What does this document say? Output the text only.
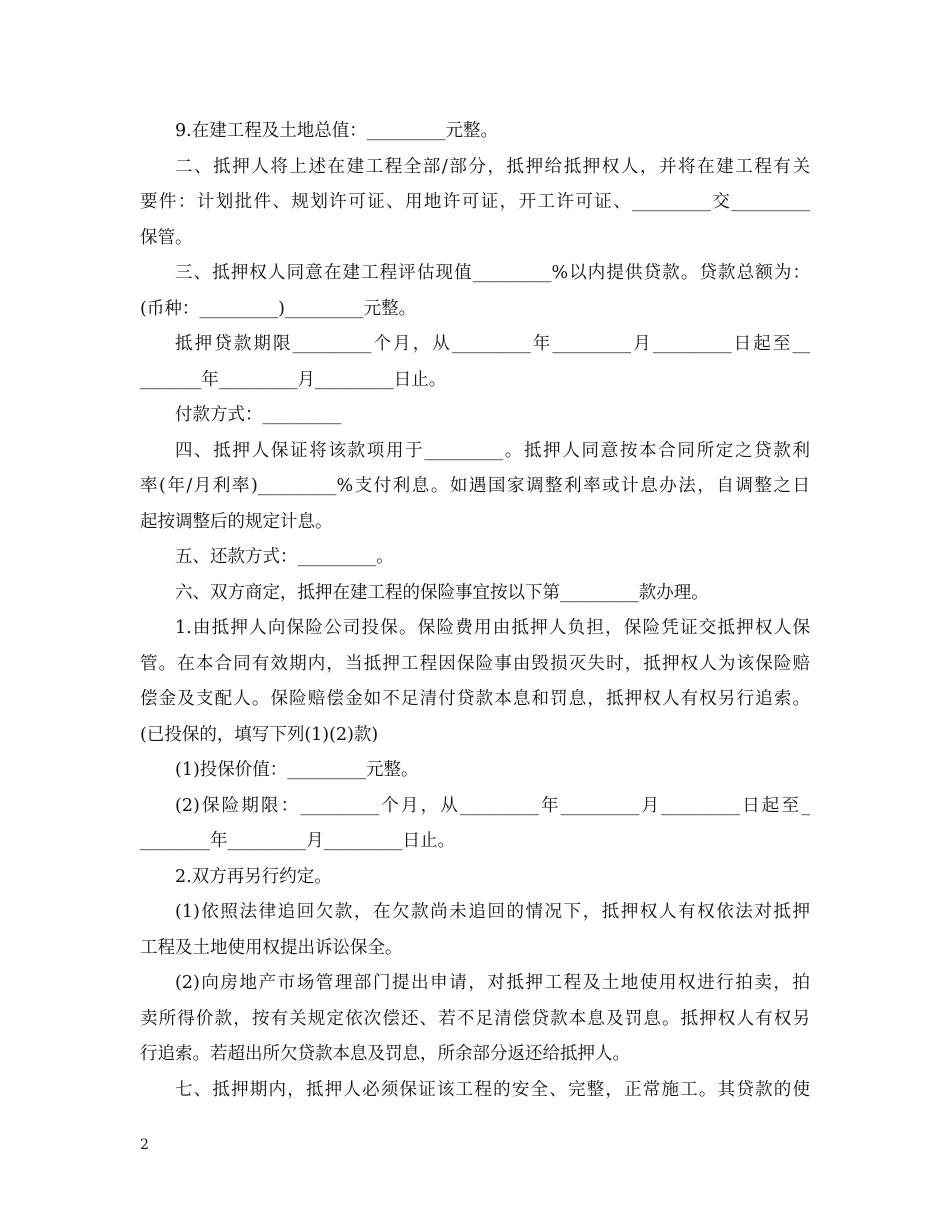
9.在建工程及土地总值：_________元整。
二、抵押人将上述在建工程全部/部分，抵押给抵押权人，并将在建工程有关
要件：计划批件、规划许可证、用地许可证，开工许可证、_________交_________
保管。
三、抵押权人同意在建工程评估现值_________%以内提供贷款。贷款总额为：
(币种：_________)_________元整。
抵押贷款期限_________个月，从_________年_________月_________日起至__
_______年_________月_________日止。
付款方式：_________
四、抵押人保证将该款项用于_________。抵押人同意按本合同所定之贷款利
率(年/月利率)_________%支付利息。如遇国家调整利率或计息办法，自调整之日
起按调整后的规定计息。
五、还款方式：_________。
六、双方商定，抵押在建工程的保险事宜按以下第_________款办理。
1.由抵押人向保险公司投保。保险费用由抵押人负担，保险凭证交抵押权人保
管。在本合同有效期内，当抵押工程因保险事由毁损灭失时，抵押权人为该保险赔
偿金及支配人。保险赔偿金如不足清付贷款本息和罚息，抵押权人有权另行追索。
(已投保的，填写下列(1)(2)款)
(1)投保价值：_________元整。
(2)保险期限：_________个月，从_________年_________月_________日起至_
________年_________月_________日止。
2.双方再另行约定。
(1)依照法律追回欠款，在欠款尚未追回的情况下，抵押权人有权依法对抵押
工程及土地使用权提出诉讼保全。
(2)向房地产市场管理部门提出申请，对抵押工程及土地使用权进行拍卖，拍
卖所得价款，按有关规定依次偿还、若不足清偿贷款本息及罚息。抵押权人有权另
行追索。若超出所欠贷款本息及罚息，所余部分返还给抵押人。
七、抵押期内，抵押人必须保证该工程的安全、完整，正常施工。其贷款的使
2
